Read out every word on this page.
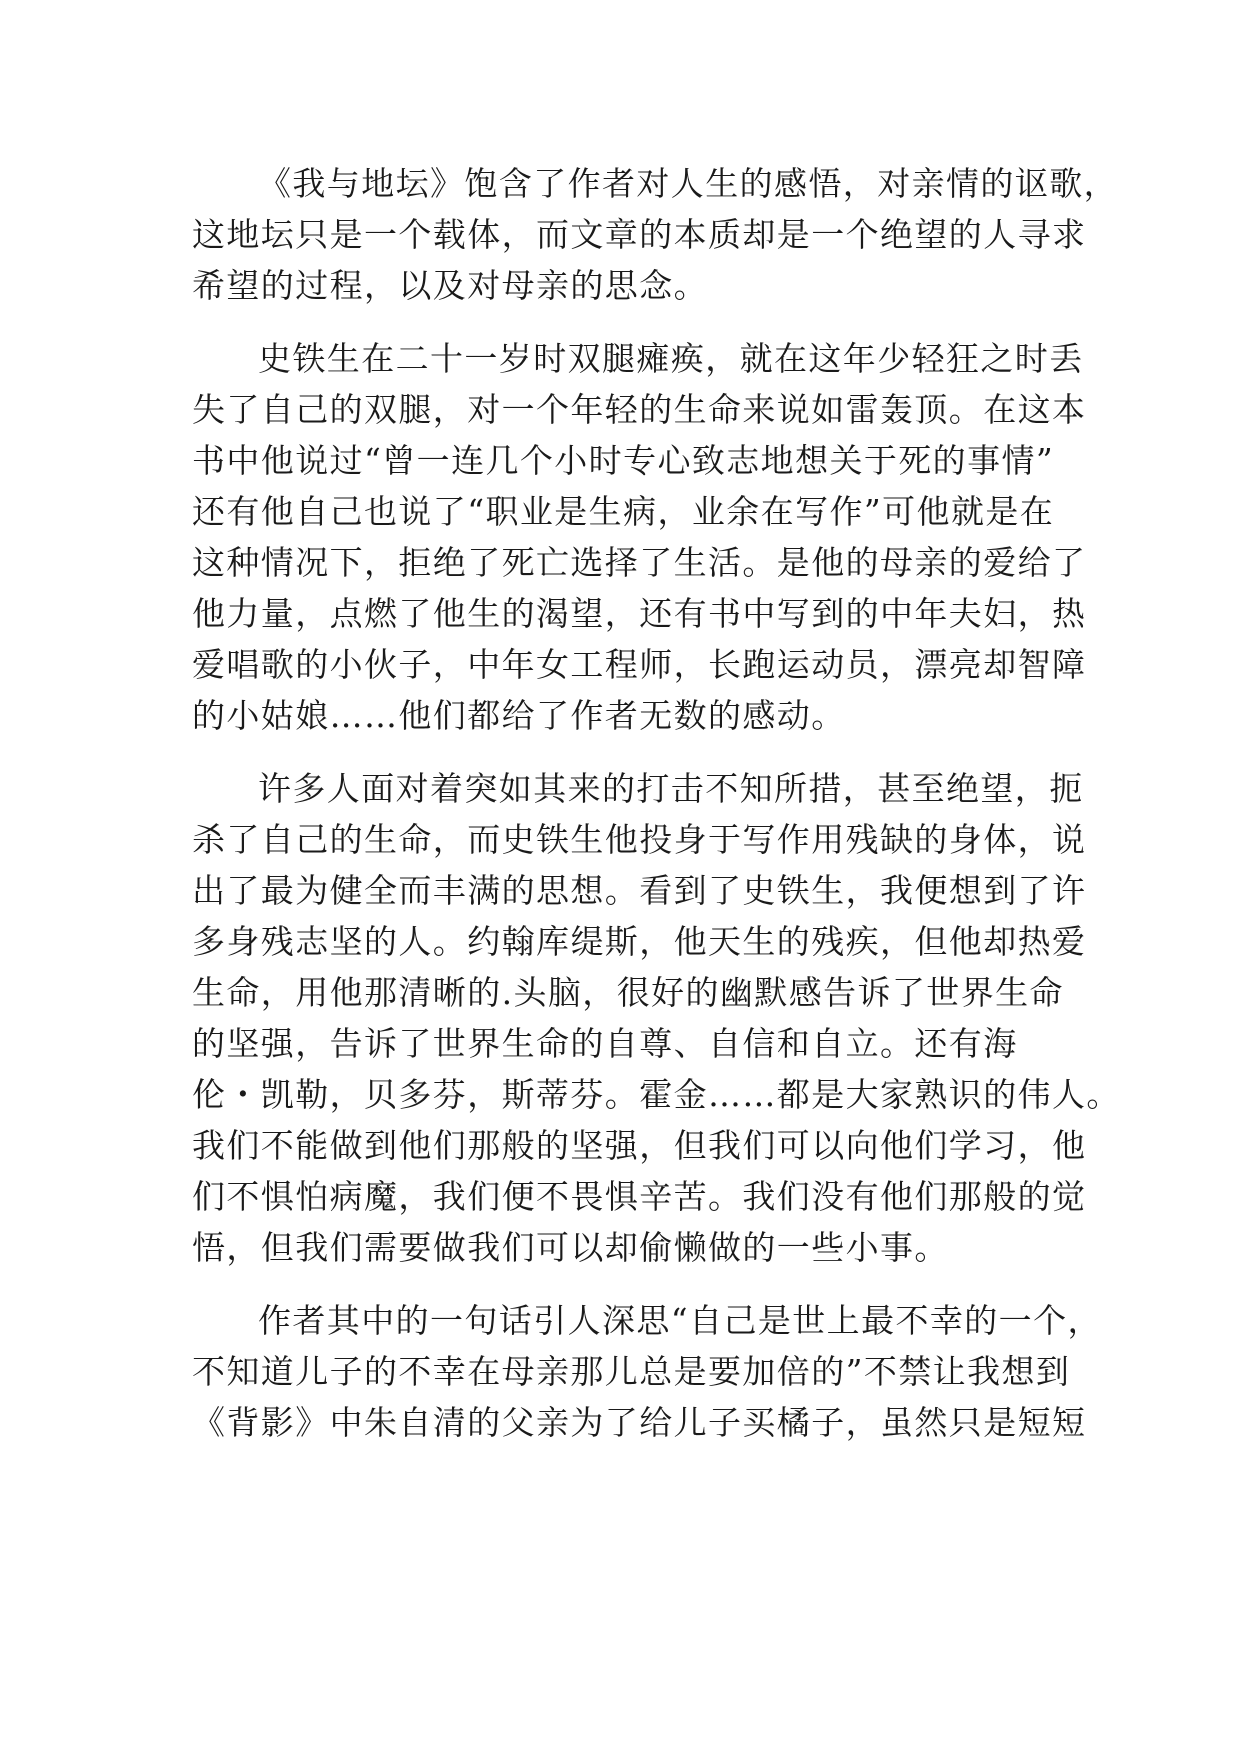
《我与地坛》饱含了作者对人生的感悟，对亲情的讴歌，
这地坛只是一个载体，而文章的本质却是一个绝望的人寻求
希望的过程，以及对母亲的思念。
史铁生在二十一岁时双腿瘫痪，就在这年少轻狂之时丢
失了自己的双腿，对一个年轻的生命来说如雷轰顶。在这本
书中他说过“曾一连几个小时专心致志地想关于死的事情”
还有他自己也说了“职业是生病，业余在写作”可他就是在
这种情况下，拒绝了死亡选择了生活。是他的母亲的爱给了
他力量，点燃了他生的渴望，还有书中写到的中年夫妇，热
爱唱歌的小伙子，中年女工程师，长跑运动员，漂亮却智障
的小姑娘……他们都给了作者无数的感动。
许多人面对着突如其来的打击不知所措，甚至绝望，扼
杀了自己的生命，而史铁生他投身于写作用残缺的身体，说
出了最为健全而丰满的思想。看到了史铁生，我便想到了许
多身残志坚的人。约翰库缇斯，他天生的残疾，但他却热爱
生命，用他那清晰的.头脑，很好的幽默感告诉了世界生命
的坚强，告诉了世界生命的自尊、自信和自立。还有海
伦・凯勒，贝多芬，斯蒂芬。霍金……都是大家熟识的伟人。
我们不能做到他们那般的坚强，但我们可以向他们学习，他
们不惧怕病魔，我们便不畏惧辛苦。我们没有他们那般的觉
悟，但我们需要做我们可以却偷懒做的一些小事。
作者其中的一句话引人深思“自己是世上最不幸的一个，
不知道儿子的不幸在母亲那儿总是要加倍的”不禁让我想到
《背影》中朱自清的父亲为了给儿子买橘子，虽然只是短短
